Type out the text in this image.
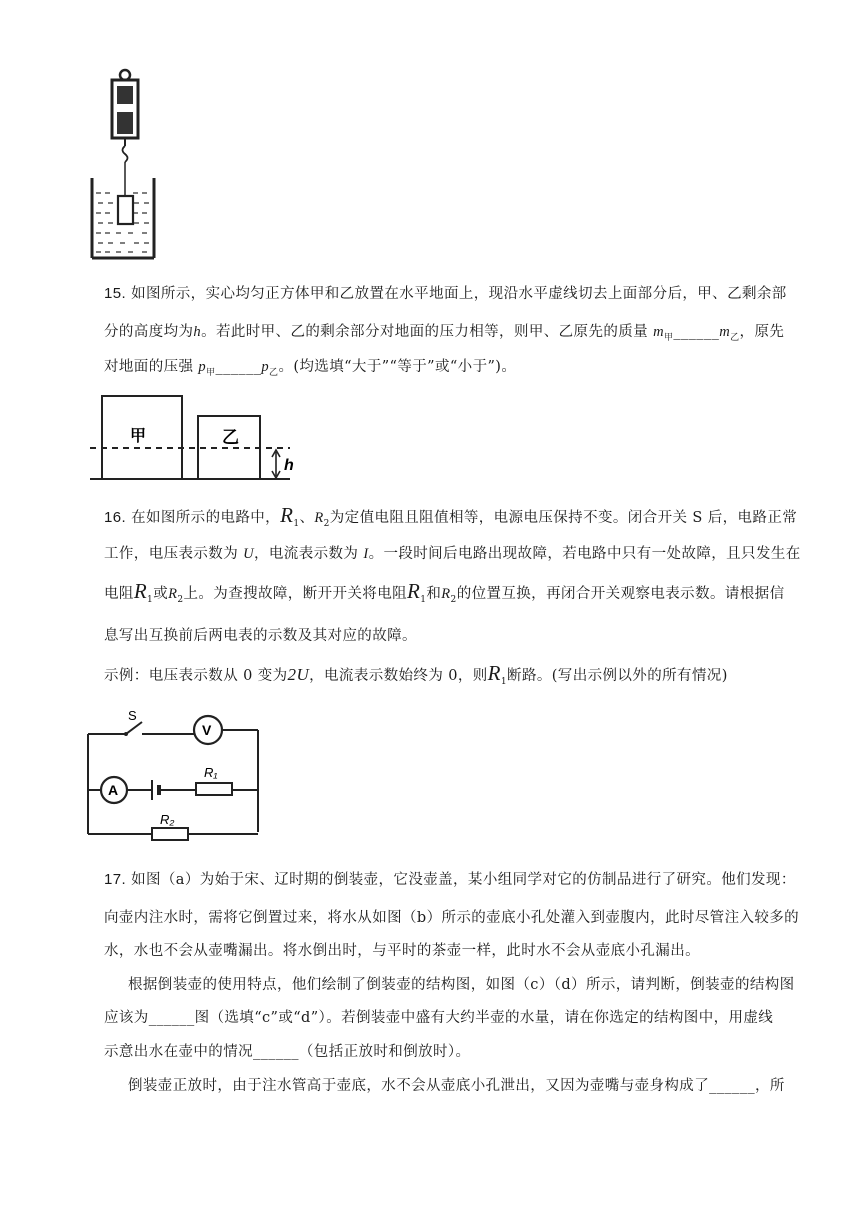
15. 如图所示，实心均匀正方体甲和乙放置在水平地面上，现沿水平虚线切去上面部分后，甲、乙剩余部
分的高度均为h。若此时甲、乙的剩余部分对地面的压力相等，则甲、乙原先的质量 $m_甲\_\_\_\_\_\_m_乙$，原先
对地面的压强 $p_甲\_\_\_\_\_\_p_乙$。(均选填“大于”“等于”或“小于”)。
甲	乙
h
16. 在如图所示的电路中，$R_1$、$R_2$为定值电阻且阻值相等，电源电压保持不变。闭合开关 S 后，电路正常
工作，电压表示数为 U，电流表示数为 I。一段时间后电路出现故障，若电路中只有一处故障，且只发生在
电阻$R_1$或$R_2$上。为查搜故障，断开开关将电阻$R_1$和$R_2$的位置互换，再闭合开关观察电表示数。请根据信
息写出互换前后两电表的示数及其对应的故障。
示例：电压表示数从 0 变为2U，电流表示数始终为 0，则$R_1$断路。(写出示例以外的所有情况)
S
V
A
R₁
R₂
17. 如图（a）为始于宋、辽时期的倒装壶，它没壶盖，某小组同学对它的仿制品进行了研究。他们发现：
向壶内注水时，需将它倒置过来，将水从如图（b）所示的壶底小孔处灌入到壶腹内，此时尽管注入较多的
水，水也不会从壶嘴漏出。将水倒出时，与平时的茶壶一样，此时水不会从壶底小孔漏出。
根据倒装壶的使用特点，他们绘制了倒装壶的结构图，如图（c）（d）所示，请判断，倒装壶的结构图
应该为______图（选填“c”或“d”）。若倒装壶中盛有大约半壶的水量，请在你选定的结构图中，用虚线
示意出水在壶中的情况______（包括正放时和倒放时）。
倒装壶正放时，由于注水管高于壶底，水不会从壶底小孔泄出，又因为壶嘴与壶身构成了______，所
